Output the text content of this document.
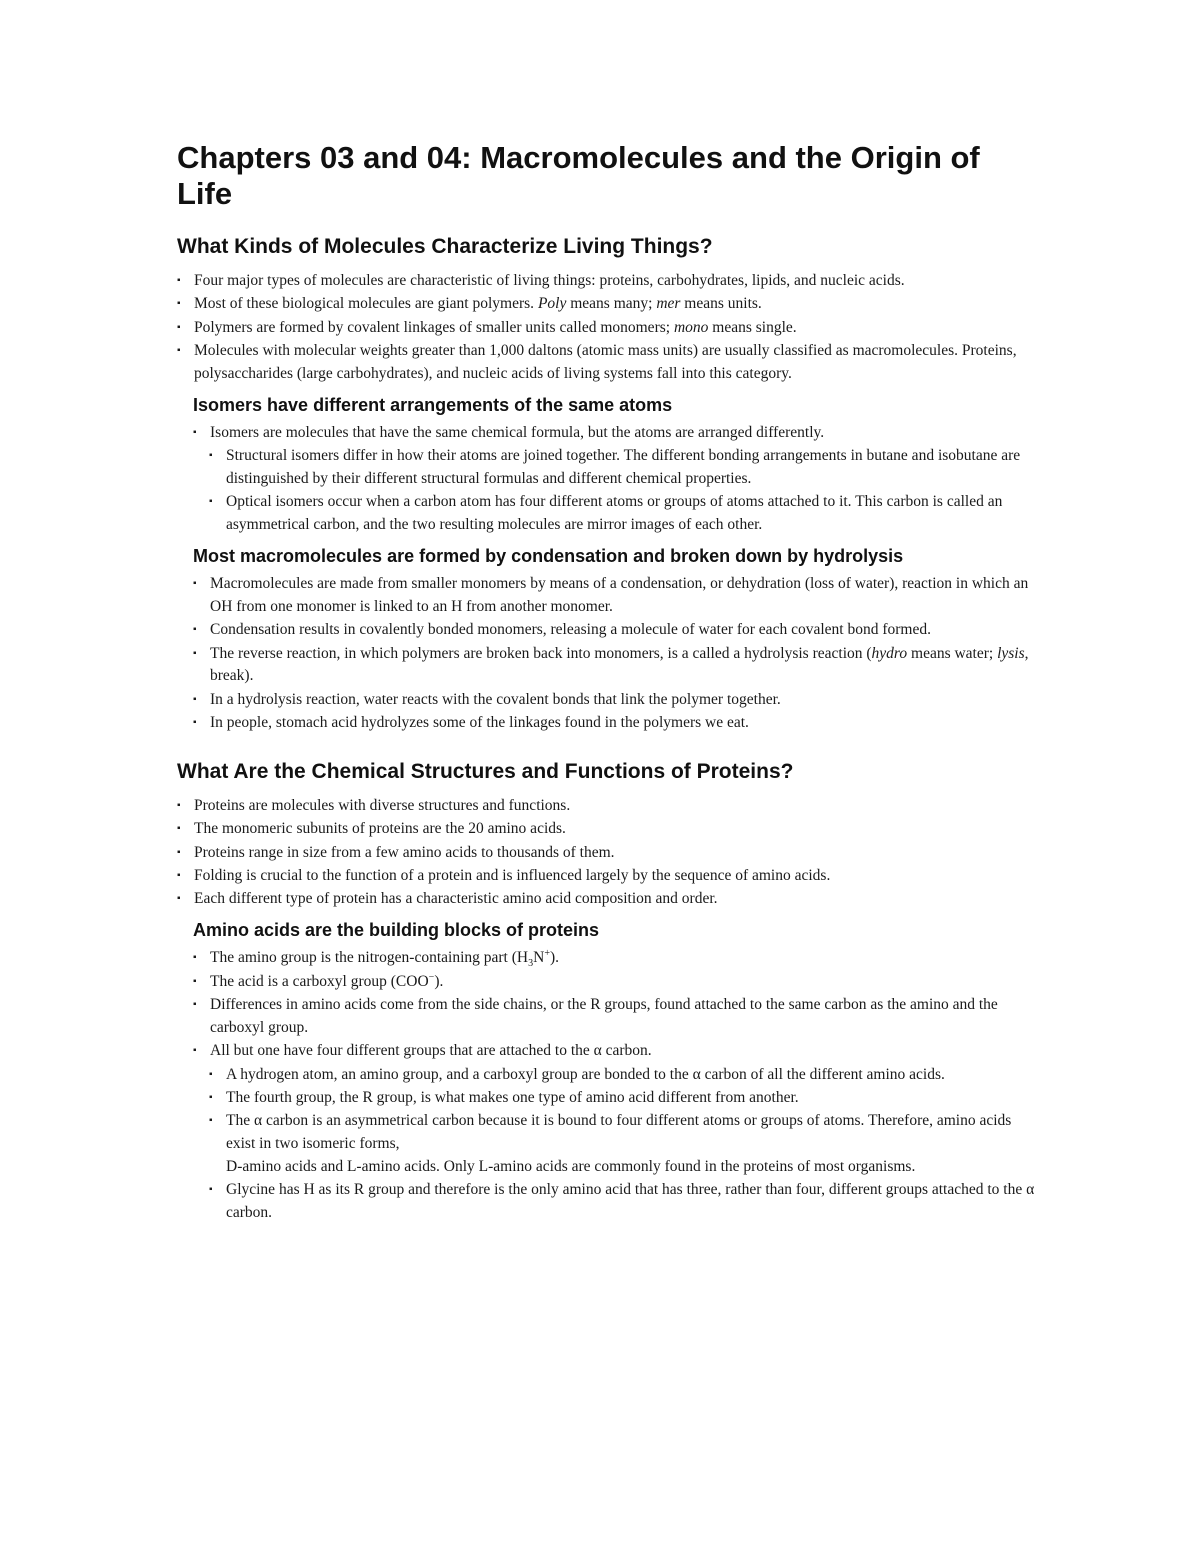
Chapters 03 and 04: Macromolecules and the Origin of Life
What Kinds of Molecules Characterize Living Things?
▪ Four major types of molecules are characteristic of living things: proteins, carbohydrates, lipids, and nucleic acids.
▪ Most of these biological molecules are giant polymers. Poly means many; mer means units.
▪ Polymers are formed by covalent linkages of smaller units called monomers; mono means single.
▪ Molecules with molecular weights greater than 1,000 daltons (atomic mass units) are usually classified as macromolecules. Proteins, polysaccharides (large carbohydrates), and nucleic acids of living systems fall into this category.
Isomers have different arrangements of the same atoms
▪ Isomers are molecules that have the same chemical formula, but the atoms are arranged differently.
▪ Structural isomers differ in how their atoms are joined together. The different bonding arrangements in butane and isobutane are distinguished by their different structural formulas and different chemical properties.
▪ Optical isomers occur when a carbon atom has four different atoms or groups of atoms attached to it. This carbon is called an asymmetrical carbon, and the two resulting molecules are mirror images of each other.
Most macromolecules are formed by condensation and broken down by hydrolysis
▪ Macromolecules are made from smaller monomers by means of a condensation, or dehydration (loss of water), reaction in which an OH from one monomer is linked to an H from another monomer.
▪ Condensation results in covalently bonded monomers, releasing a molecule of water for each covalent bond formed.
▪ The reverse reaction, in which polymers are broken back into monomers, is a called a hydrolysis reaction (hydro means water; lysis, break).
▪ In a hydrolysis reaction, water reacts with the covalent bonds that link the polymer together.
▪ In people, stomach acid hydrolyzes some of the linkages found in the polymers we eat.
What Are the Chemical Structures and Functions of Proteins?
▪ Proteins are molecules with diverse structures and functions.
▪ The monomeric subunits of proteins are the 20 amino acids.
▪ Proteins range in size from a few amino acids to thousands of them.
▪ Folding is crucial to the function of a protein and is influenced largely by the sequence of amino acids.
▪ Each different type of protein has a characteristic amino acid composition and order.
Amino acids are the building blocks of proteins
▪ The amino group is the nitrogen-containing part $(H_3N^+)$.
▪ The acid is a carboxyl group (COO−).
▪ Differences in amino acids come from the side chains, or the R groups, found attached to the same carbon as the amino and the carboxyl group.
▪ All but one have four different groups that are attached to the α carbon.
▪ A hydrogen atom, an amino group, and a carboxyl group are bonded to the α carbon of all the different amino acids.
▪ The fourth group, the R group, is what makes one type of amino acid different from another.
▪ The α carbon is an asymmetrical carbon because it is bound to four different atoms or groups of atoms. Therefore, amino acids exist in two isomeric forms,
D-amino acids and L-amino acids. Only L-amino acids are commonly found in the proteins of most organisms.
▪ Glycine has H as its R group and therefore is the only amino acid that has three, rather than four, different groups attached to the α carbon.
